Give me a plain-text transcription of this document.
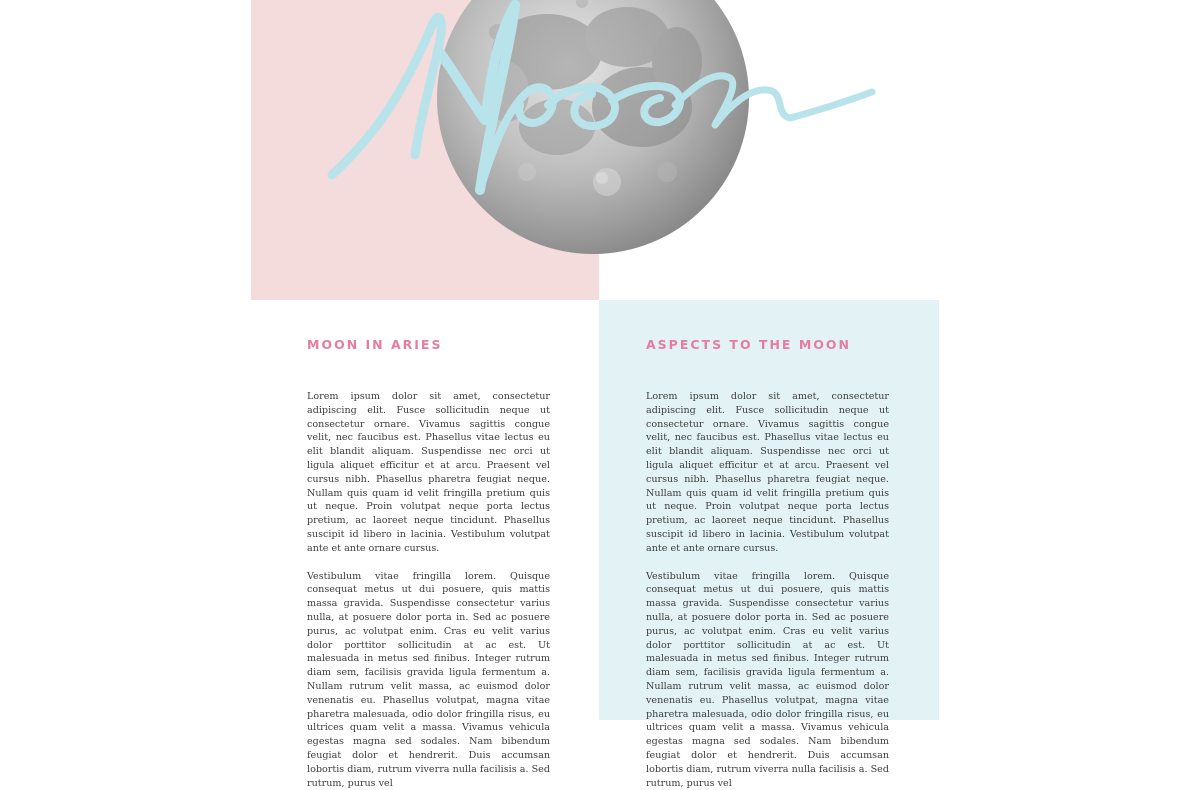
MOON IN ARIES

Lorem ipsum dolor sit amet, consectetur adipiscing elit. Fusce sollicitudin neque ut consectetur ornare. Vivamus sagittis congue velit, nec faucibus est. Phasellus vitae lectus eu elit blandit aliquam. Suspendisse nec orci ut ligula aliquet efficitur et at arcu. Praesent vel cursus nibh. Phasellus pharetra feugiat neque. Nullam quis quam id velit fringilla pretium quis ut neque. Proin volutpat neque porta lectus pretium, ac laoreet neque tincidunt. Phasellus suscipit id libero in lacinia. Vestibulum volutpat ante et ante ornare cursus.

Vestibulum vitae fringilla lorem. Quisque consequat metus ut dui posuere, quis mattis massa gravida. Suspendisse consectetur varius nulla, at posuere dolor porta in. Sed ac posuere purus, ac volutpat enim. Cras eu velit varius dolor porttitor sollicitudin at ac est. Ut malesuada in metus sed finibus. Integer rutrum diam sem, facilisis gravida ligula fermentum a. Nullam rutrum velit massa, ac euismod dolor venenatis eu. Phasellus volutpat, magna vitae pharetra malesuada, odio dolor fringilla risus, eu ultrices quam velit a massa. Vivamus vehicula egestas magna sed sodales. Nam bibendum feugiat dolor et hendrerit. Duis accumsan lobortis diam, rutrum viverra nulla facilisis a. Sed rutrum, purus vel

ASPECTS TO THE MOON

Lorem ipsum dolor sit amet, consectetur adipiscing elit. Fusce sollicitudin neque ut consectetur ornare. Vivamus sagittis congue velit, nec faucibus est. Phasellus vitae lectus eu elit blandit aliquam. Suspendisse nec orci ut ligula aliquet efficitur et at arcu. Praesent vel cursus nibh. Phasellus pharetra feugiat neque. Nullam quis quam id velit fringilla pretium quis ut neque. Proin volutpat neque porta lectus pretium, ac laoreet neque tincidunt. Phasellus suscipit id libero in lacinia. Vestibulum volutpat ante et ante ornare cursus.

Vestibulum vitae fringilla lorem. Quisque consequat metus ut dui posuere, quis mattis massa gravida. Suspendisse consectetur varius nulla, at posuere dolor porta in. Sed ac posuere purus, ac volutpat enim. Cras eu velit varius dolor porttitor sollicitudin at ac est. Ut malesuada in metus sed finibus. Integer rutrum diam sem, facilisis gravida ligula fermentum a. Nullam rutrum velit massa, ac euismod dolor venenatis eu. Phasellus volutpat, magna vitae pharetra malesuada, odio dolor fringilla risus, eu ultrices quam velit a massa. Vivamus vehicula egestas magna sed sodales. Nam bibendum feugiat dolor et hendrerit. Duis accumsan lobortis diam, rutrum viverra nulla facilisis a. Sed rutrum, purus vel
